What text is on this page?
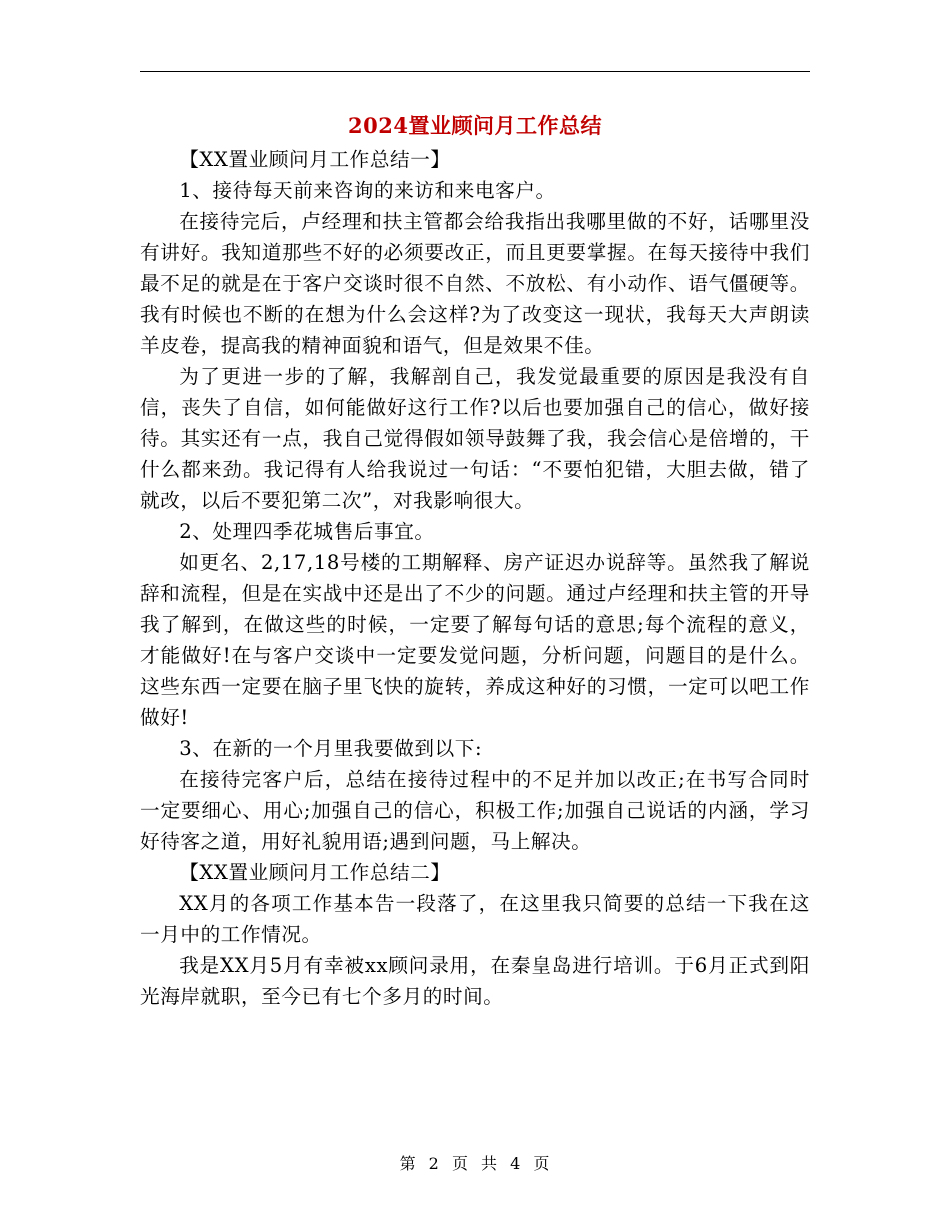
2024置业顾问月工作总结

【XX置业顾问月工作总结一】

1、接待每天前来咨询的来访和来电客户。

在接待完后，卢经理和扶主管都会给我指出我哪里做的不好，话哪里没有讲好。我知道那些不好的必须要改正，而且更要掌握。在每天接待中我们最不足的就是在于客户交谈时很不自然、不放松、有小动作、语气僵硬等。我有时候也不断的在想为什么会这样?为了改变这一现状，我每天大声朗读羊皮卷，提高我的精神面貌和语气，但是效果不佳。

为了更进一步的了解，我解剖自己，我发觉最重要的原因是我没有自信，丧失了自信，如何能做好这行工作?以后也要加强自己的信心，做好接待。其实还有一点，我自己觉得假如领导鼓舞了我，我会信心是倍增的，干什么都来劲。我记得有人给我说过一句话：“不要怕犯错，大胆去做，错了就改，以后不要犯第二次”，对我影响很大。

2、处理四季花城售后事宜。

如更名、2,17,18号楼的工期解释、房产证迟办说辞等。虽然我了解说辞和流程，但是在实战中还是出了不少的问题。通过卢经理和扶主管的开导我了解到，在做这些的时候，一定要了解每句话的意思;每个流程的意义，才能做好!在与客户交谈中一定要发觉问题，分析问题，问题目的是什么。这些东西一定要在脑子里飞快的旋转，养成这种好的习惯，一定可以吧工作做好!

3、在新的一个月里我要做到以下:

在接待完客户后，总结在接待过程中的不足并加以改正;在书写合同时一定要细心、用心;加强自己的信心，积极工作;加强自己说话的内涵，学习好待客之道，用好礼貌用语;遇到问题，马上解决。

【XX置业顾问月工作总结二】

XX月的各项工作基本告一段落了，在这里我只简要的总结一下我在这一月中的工作情况。

我是XX月5月有幸被xx顾问录用，在秦皇岛进行培训。于6月正式到阳光海岸就职，至今已有七个多月的时间。

第 2 页 共 4 页
